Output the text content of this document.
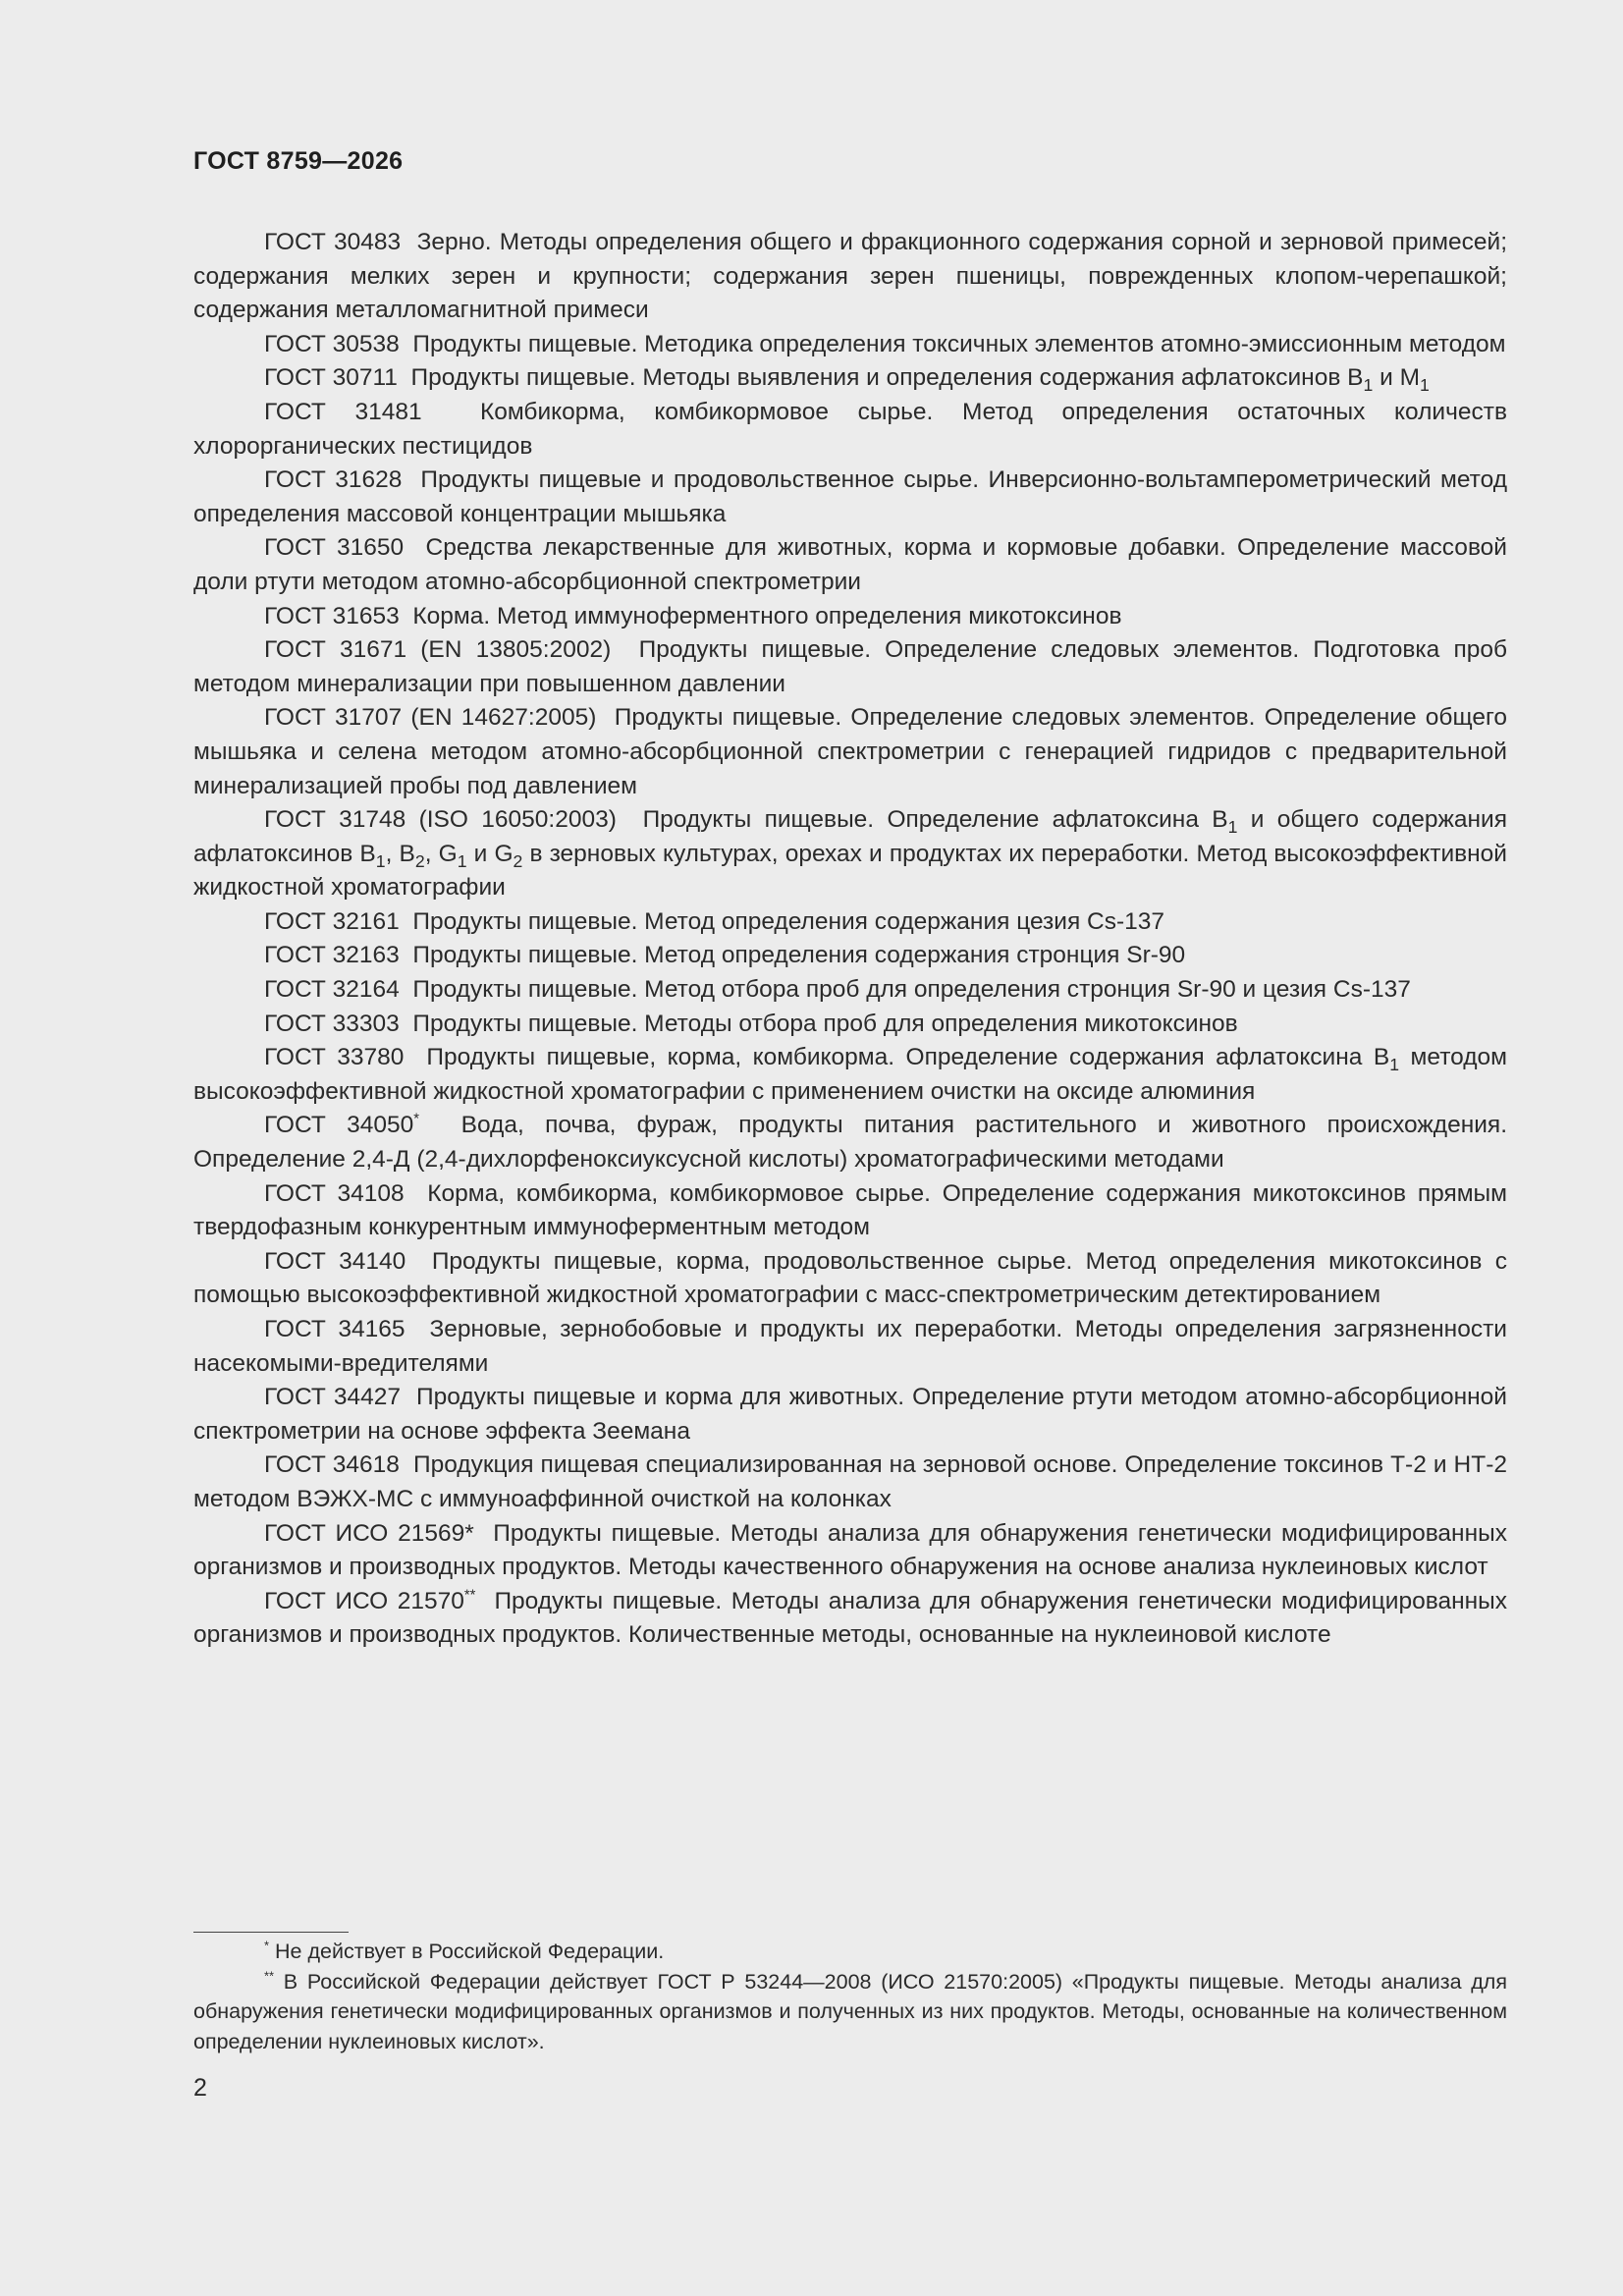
ГОСТ 8759—2026

ГОСТ 30483 Зерно. Методы определения общего и фракционного содержания сорной и зерновой примесей; содержания мелких зерен и крупности; содержания зерен пшеницы, поврежденных клопом-черепашкой; содержания металломагнитной примеси

ГОСТ 30538 Продукты пищевые. Методика определения токсичных элементов атомно-эмиссионным методом

ГОСТ 30711 Продукты пищевые. Методы выявления и определения содержания афлатоксинов $B_1$ и $M_1$

ГОСТ 31481 Комбикорма, комбикормовое сырье. Метод определения остаточных количеств хлорорганических пестицидов

ГОСТ 31628 Продукты пищевые и продовольственное сырье. Инверсионно-вольтамперометрический метод определения массовой концентрации мышьяка

ГОСТ 31650 Средства лекарственные для животных, корма и кормовые добавки. Определение массовой доли ртути методом атомно-абсорбционной спектрометрии

ГОСТ 31653 Корма. Метод иммуноферментного определения микотоксинов

ГОСТ 31671 (EN 13805:2002) Продукты пищевые. Определение следовых элементов. Подготовка проб методом минерализации при повышенном давлении

ГОСТ 31707 (EN 14627:2005) Продукты пищевые. Определение следовых элементов. Определение общего мышьяка и селена методом атомно-абсорбционной спектрометрии с генерацией гидридов с предварительной минерализацией пробы под давлением

ГОСТ 31748 (ISO 16050:2003) Продукты пищевые. Определение афлатоксина $B_1$ и общего содержания афлатоксинов $B_1$, $B_2$, $G_1$ и $G_2$ в зерновых культурах, орехах и продуктах их переработки. Метод высокоэффективной жидкостной хроматографии

ГОСТ 32161 Продукты пищевые. Метод определения содержания цезия Cs-137

ГОСТ 32163 Продукты пищевые. Метод определения содержания стронция Sr-90

ГОСТ 32164 Продукты пищевые. Метод отбора проб для определения стронция Sr-90 и цезия Cs-137

ГОСТ 33303 Продукты пищевые. Методы отбора проб для определения микотоксинов

ГОСТ 33780 Продукты пищевые, корма, комбикорма. Определение содержания афлатоксина $B_1$ методом высокоэффективной жидкостной хроматографии с применением очистки на оксиде алюминия

ГОСТ 34050* Вода, почва, фураж, продукты питания растительного и животного происхождения. Определение 2,4-Д (2,4-дихлорфеноксиуксусной кислоты) хроматографическими методами

ГОСТ 34108 Корма, комбикорма, комбикормовое сырье. Определение содержания микотоксинов прямым твердофазным конкурентным иммуноферментным методом

ГОСТ 34140 Продукты пищевые, корма, продовольственное сырье. Метод определения микотоксинов с помощью высокоэффективной жидкостной хроматографии с масс-спектрометрическим детектированием

ГОСТ 34165 Зерновые, зернобобовые и продукты их переработки. Методы определения загрязненности насекомыми-вредителями

ГОСТ 34427 Продукты пищевые и корма для животных. Определение ртути методом атомно-абсорбционной спектрометрии на основе эффекта Зеемана

ГОСТ 34618 Продукция пищевая специализированная на зерновой основе. Определение токсинов Т-2 и НТ-2 методом ВЭЖХ-МС с иммуноаффинной очисткой на колонках

ГОСТ ИСО 21569* Продукты пищевые. Методы анализа для обнаружения генетически модифицированных организмов и производных продуктов. Методы качественного обнаружения на основе анализа нуклеиновых кислот

ГОСТ ИСО 21570** Продукты пищевые. Методы анализа для обнаружения генетически модифицированных организмов и производных продуктов. Количественные методы, основанные на нуклеиновой кислоте

* Не действует в Российской Федерации.

** В Российской Федерации действует ГОСТ Р 53244—2008 (ИСО 21570:2005) «Продукты пищевые. Методы анализа для обнаружения генетически модифицированных организмов и полученных из них продуктов. Методы, основанные на количественном определении нуклеиновых кислот».

2
